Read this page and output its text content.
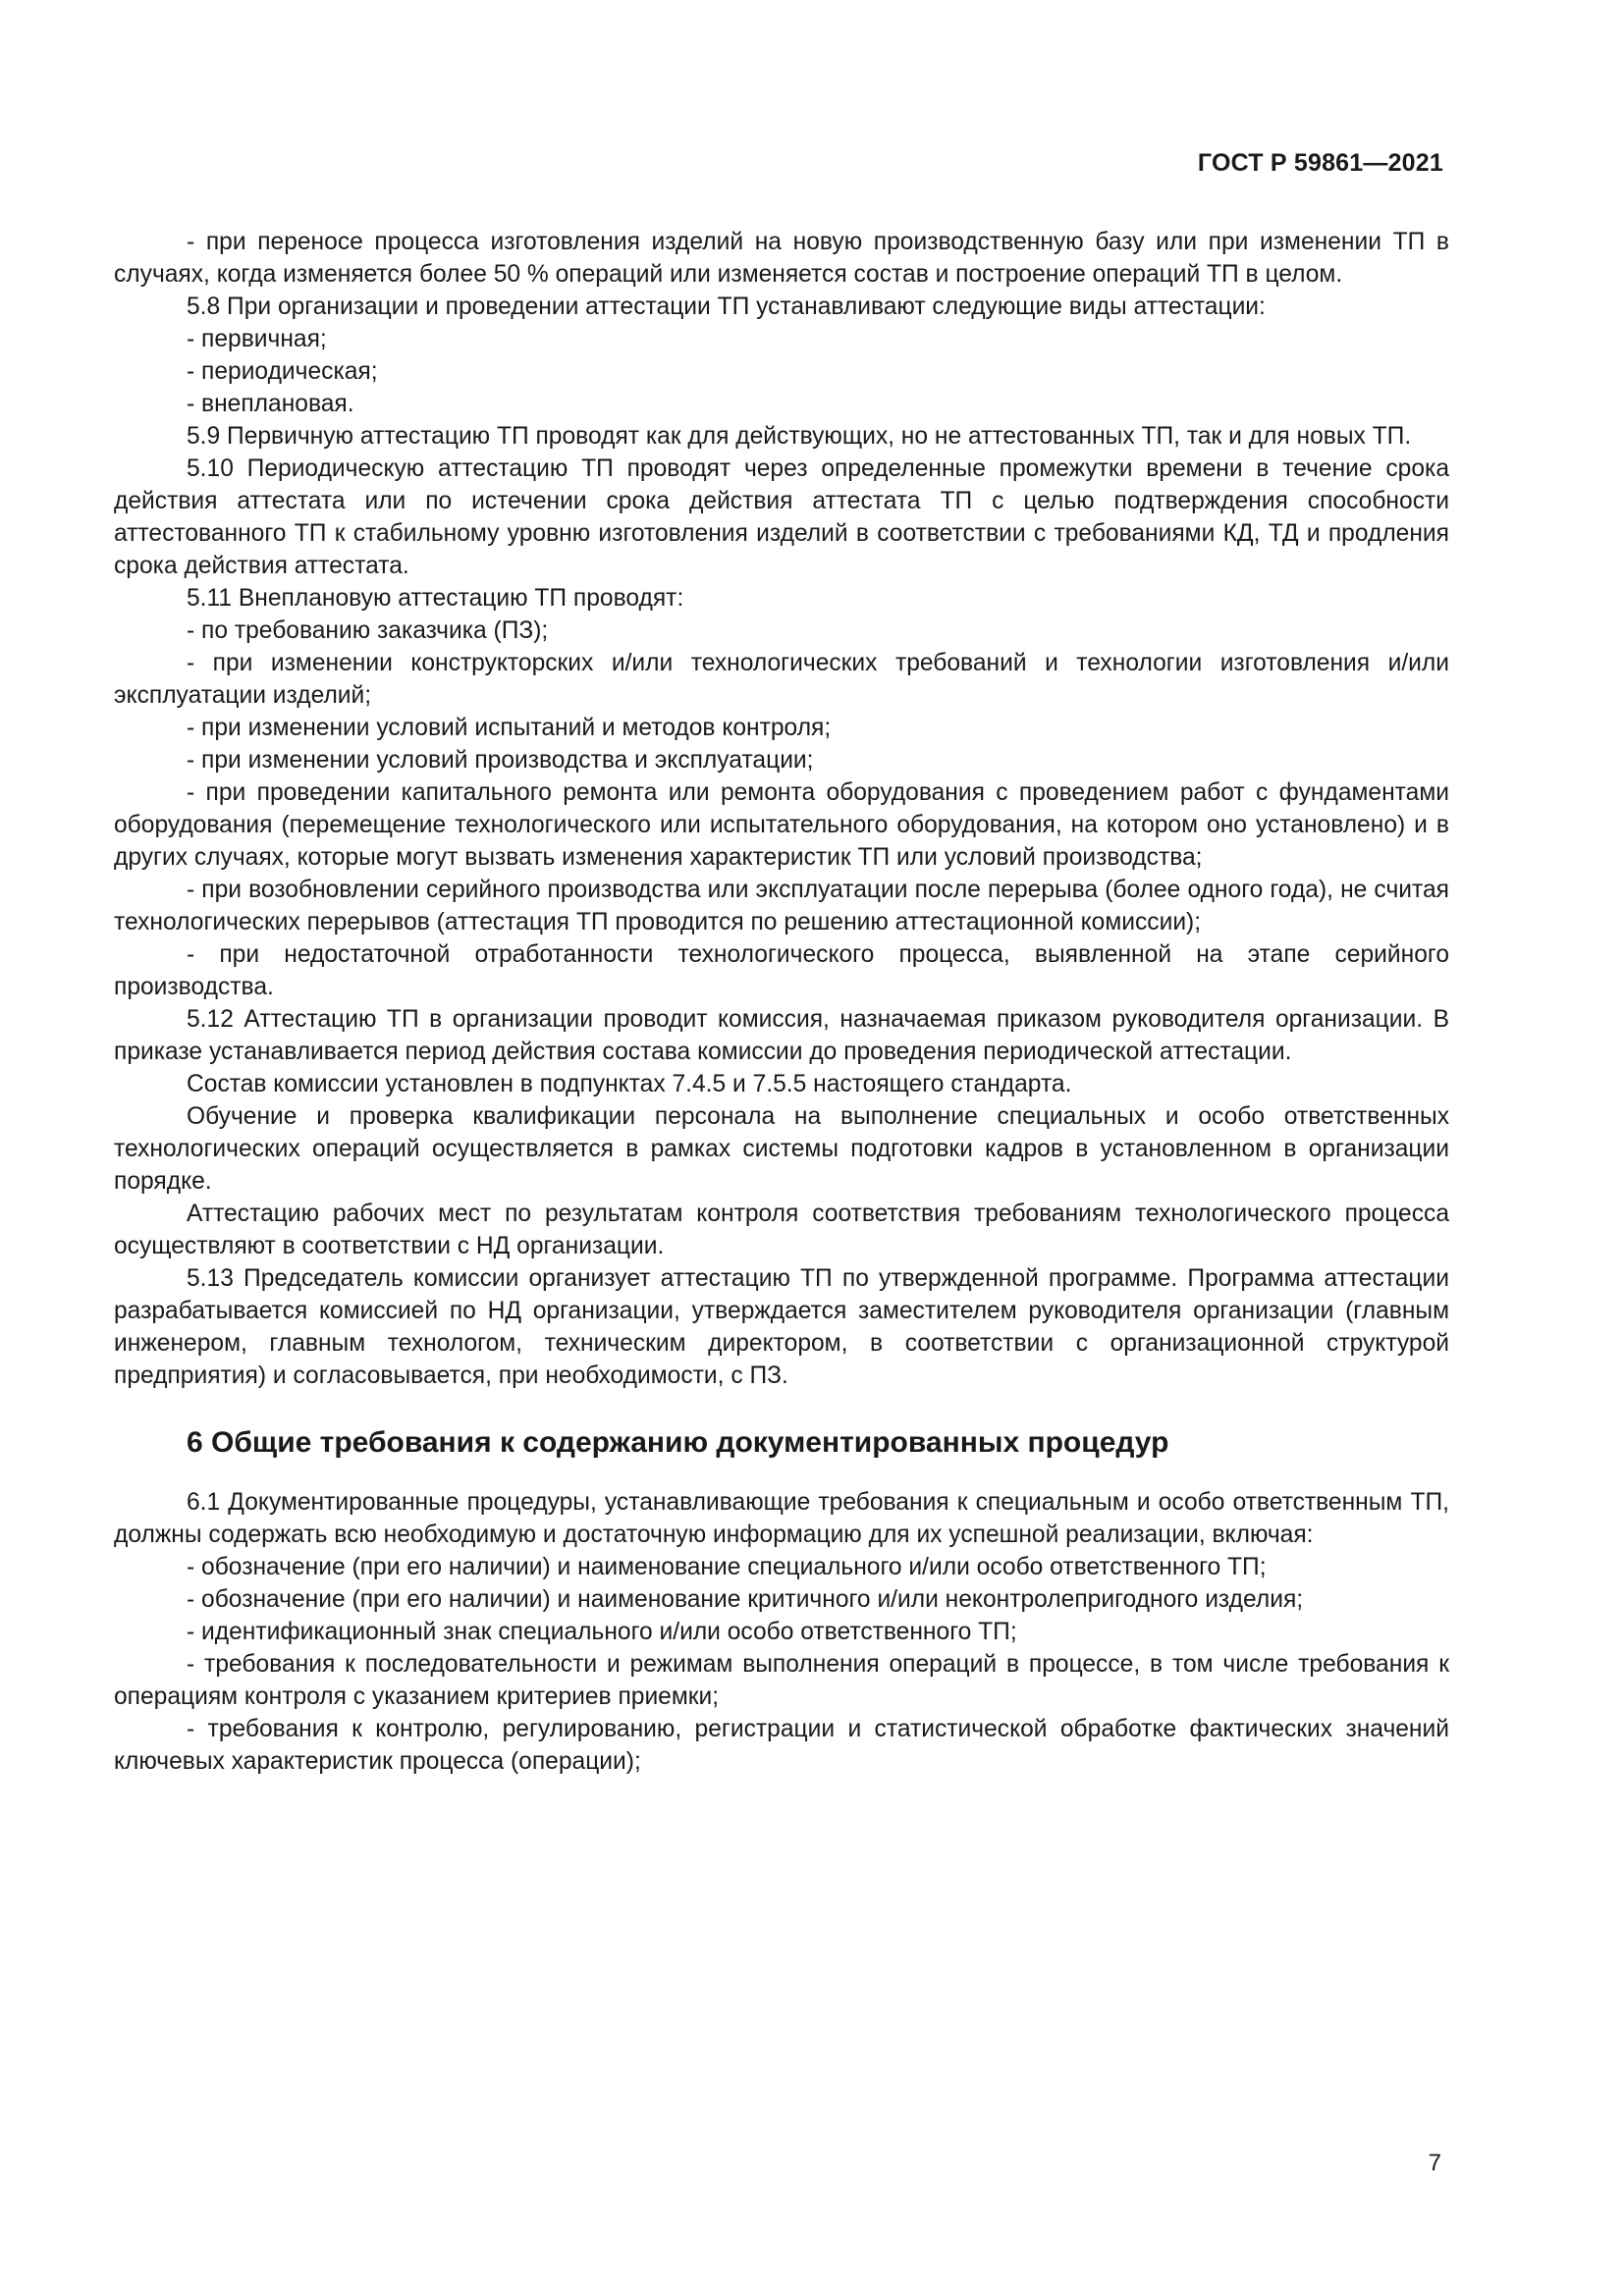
ГОСТ Р 59861—2021

- при переносе процесса изготовления изделий на новую производственную базу или при изменении ТП в случаях, когда изменяется более 50 % операций или изменяется состав и построение операций ТП в целом.

5.8 При организации и проведении аттестации ТП устанавливают следующие виды аттестации:

- первичная;

- периодическая;

- внеплановая.

5.9 Первичную аттестацию ТП проводят как для действующих, но не аттестованных ТП, так и для новых ТП.

5.10 Периодическую аттестацию ТП проводят через определенные промежутки времени в течение срока действия аттестата или по истечении срока действия аттестата ТП с целью подтверждения способности аттестованного ТП к стабильному уровню изготовления изделий в соответствии с требованиями КД, ТД и продления срока действия аттестата.

5.11 Внеплановую аттестацию ТП проводят:

- по требованию заказчика (ПЗ);

- при изменении конструкторских и/или технологических требований и технологии изготовления и/или эксплуатации изделий;

- при изменении условий испытаний и методов контроля;

- при изменении условий производства и эксплуатации;

- при проведении капитального ремонта или ремонта оборудования с проведением работ с фундаментами оборудования (перемещение технологического или испытательного оборудования, на котором оно установлено) и в других случаях, которые могут вызвать изменения характеристик ТП или условий производства;

- при возобновлении серийного производства или эксплуатации после перерыва (более одного года), не считая технологических перерывов (аттестация ТП проводится по решению аттестационной комиссии);

- при недостаточной отработанности технологического процесса, выявленной на этапе серийного производства.

5.12 Аттестацию ТП в организации проводит комиссия, назначаемая приказом руководителя организации. В приказе устанавливается период действия состава комиссии до проведения периодической аттестации.

Состав комиссии установлен в подпунктах 7.4.5 и 7.5.5 настоящего стандарта.

Обучение и проверка квалификации персонала на выполнение специальных и особо ответственных технологических операций осуществляется в рамках системы подготовки кадров в установленном в организации порядке.

Аттестацию рабочих мест по результатам контроля соответствия требованиям технологического процесса осуществляют в соответствии с НД организации.

5.13 Председатель комиссии организует аттестацию ТП по утвержденной программе. Программа аттестации разрабатывается комиссией по НД организации, утверждается заместителем руководителя организации (главным инженером, главным технологом, техническим директором, в соответствии с организационной структурой предприятия) и согласовывается, при необходимости, с ПЗ.

6 Общие требования к содержанию документированных процедур

6.1 Документированные процедуры, устанавливающие требования к специальным и особо ответственным ТП, должны содержать всю необходимую и достаточную информацию для их успешной реализации, включая:

- обозначение (при его наличии) и наименование специального и/или особо ответственного ТП;

- обозначение (при его наличии) и наименование критичного и/или неконтролепригодного изделия;

- идентификационный знак специального и/или особо ответственного ТП;

- требования к последовательности и режимам выполнения операций в процессе, в том числе требования к операциям контроля с указанием критериев приемки;

- требования к контролю, регулированию, регистрации и статистической обработке фактических значений ключевых характеристик процесса (операции);

7
